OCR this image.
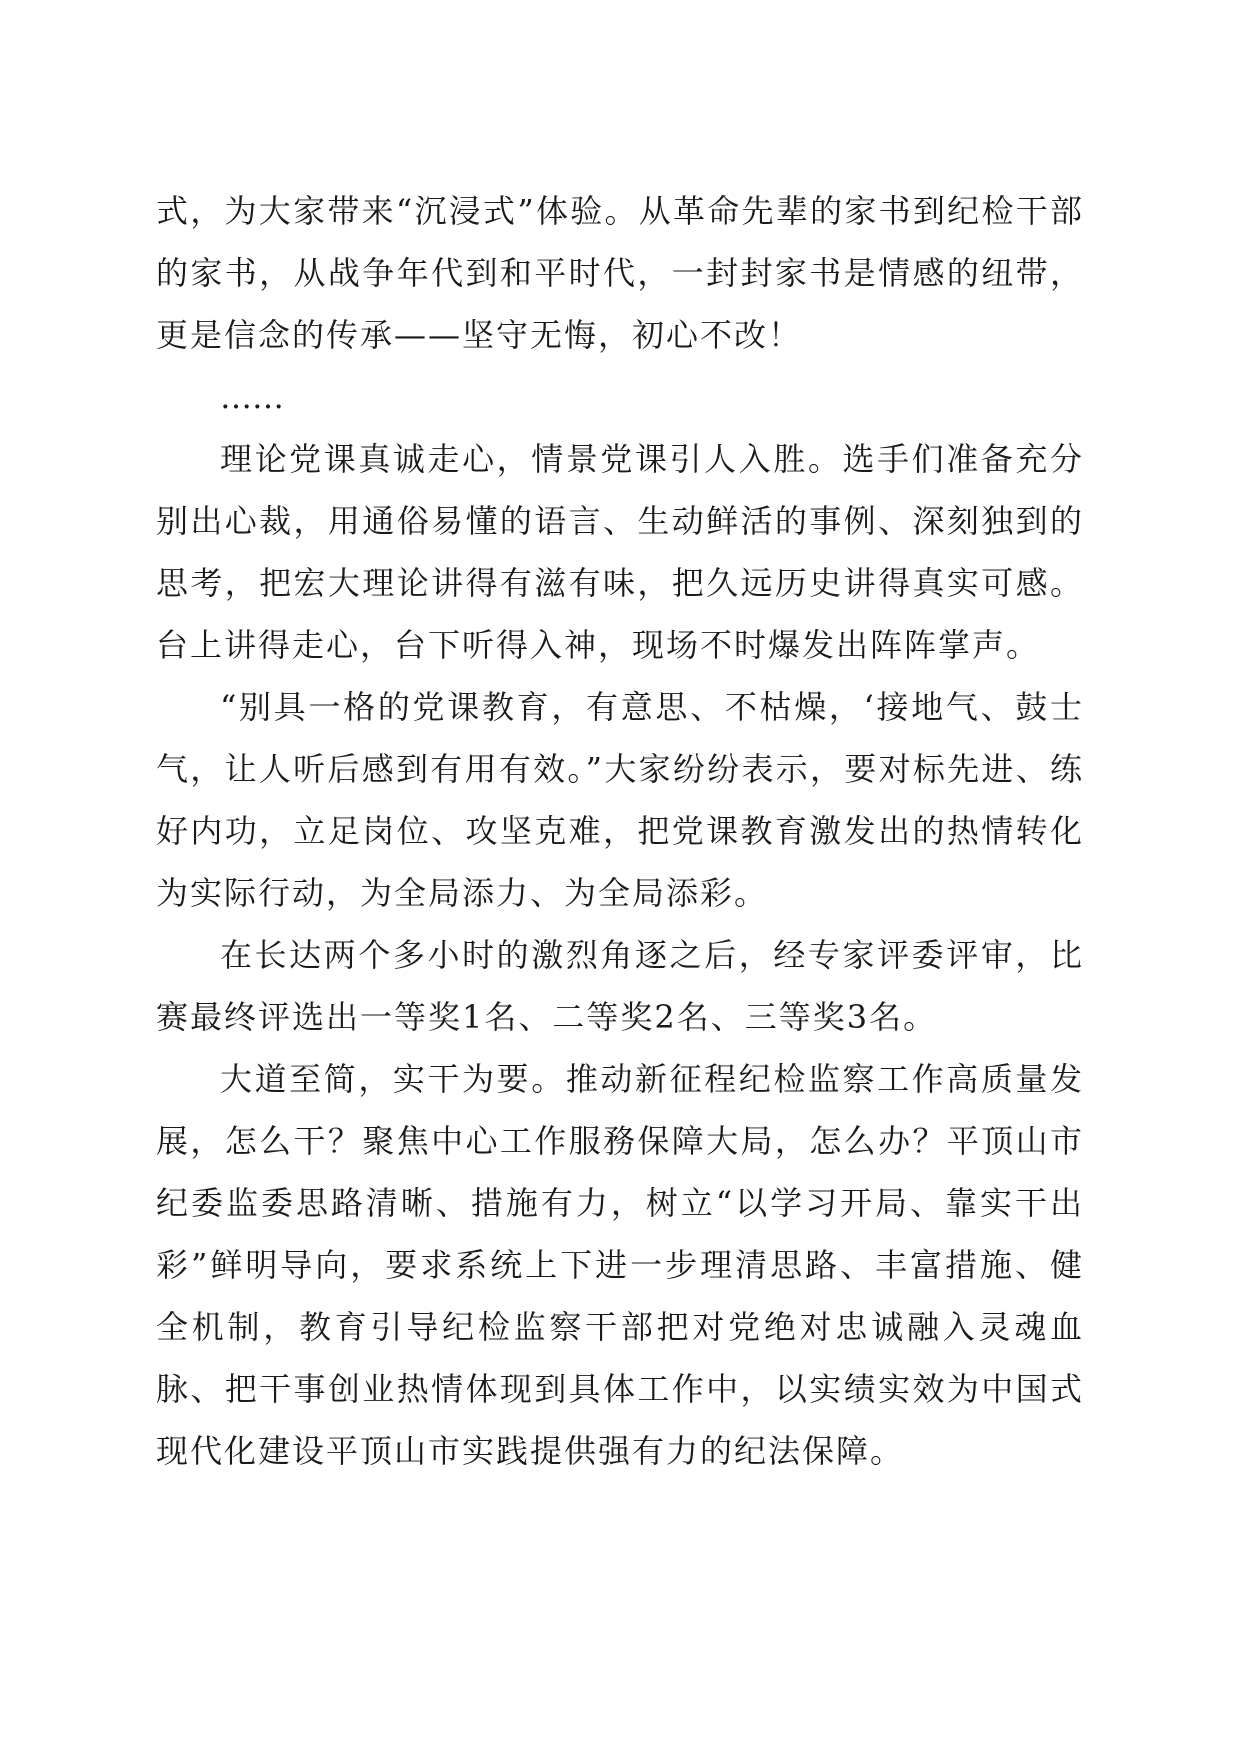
式，为大家带来“沉浸式”体验。从革命先辈的家书到纪检干部的家书，从战争年代到和平时代，一封封家书是情感的纽带，更是信念的传承——坚守无悔，初心不改！

……

理论党课真诚走心，情景党课引人入胜。选手们准备充分别出心裁，用通俗易懂的语言、生动鲜活的事例、深刻独到的思考，把宏大理论讲得有滋有味，把久远历史讲得真实可感。台上讲得走心，台下听得入神，现场不时爆发出阵阵掌声。

“别具一格的党课教育，有意思、不枯燥，‘接地气、鼓士气，让人听后感到有用有效。”大家纷纷表示，要对标先进、练好内功，立足岗位、攻坚克难，把党课教育激发出的热情转化为实际行动，为全局添力、为全局添彩。

在长达两个多小时的激烈角逐之后，经专家评委评审，比赛最终评选出一等奖1名、二等奖2名、三等奖3名。

大道至简，实干为要。推动新征程纪检监察工作高质量发展，怎么干？聚焦中心工作服務保障大局，怎么办？平顶山市纪委监委思路清晰、措施有力，树立“以学习开局、靠实干出彩”鲜明导向，要求系统上下进一步理清思路、丰富措施、健全机制，教育引导纪检监察干部把对党绝对忠诚融入灵魂血脉、把干事创业热情体现到具体工作中，以实绩实效为中国式现代化建设平顶山市实践提供强有力的纪法保障。
